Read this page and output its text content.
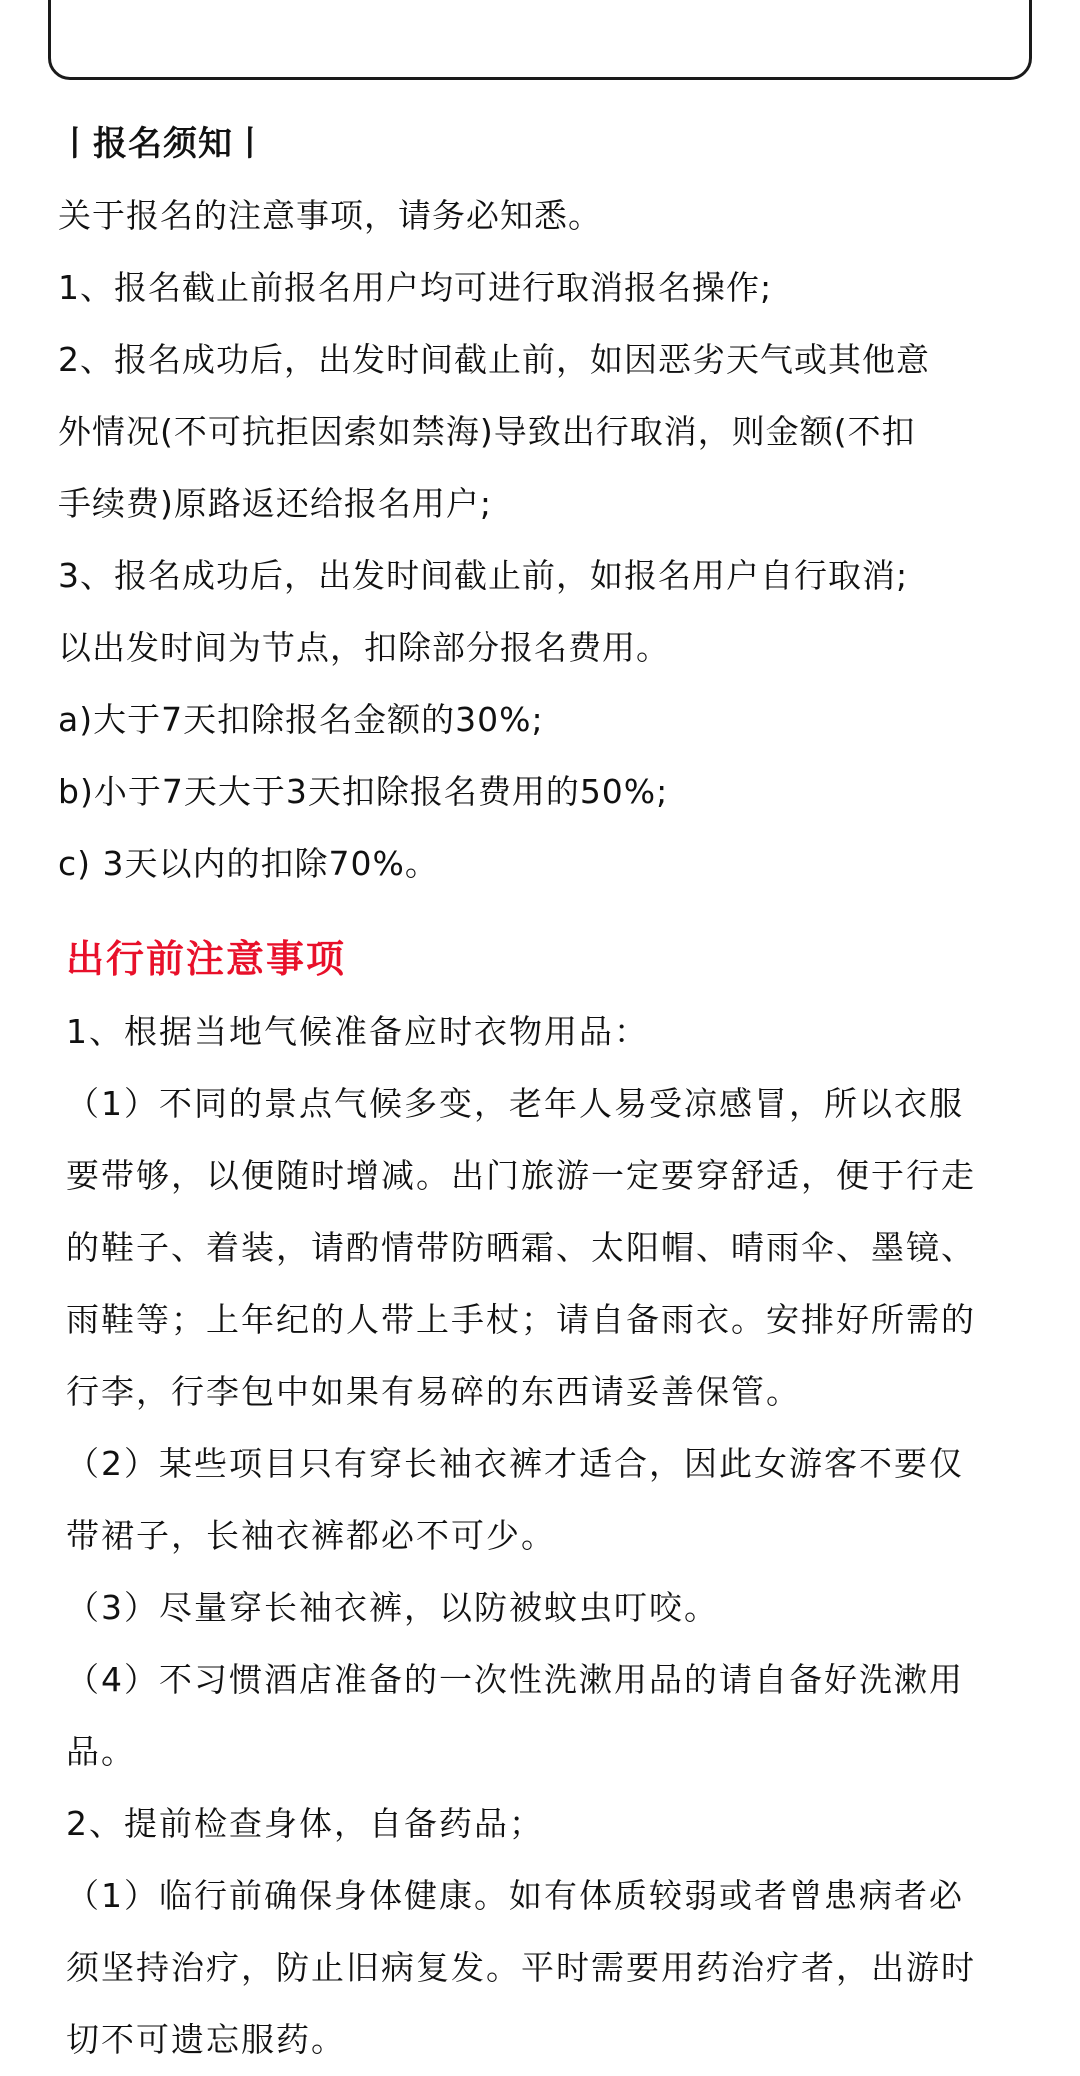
丨报名须知丨
关于报名的注意事项，请务必知悉。
1、报名截止前报名用户均可进行取消报名操作;
2、报名成功后，出发时间截止前，如因恶劣天气或其他意
外情况(不可抗拒因索如禁海)导致出行取消，则金额(不扣
手续费)原路返还给报名用户;
3、报名成功后，出发时间截止前，如报名用户自行取消;
以出发时间为节点，扣除部分报名费用。
a)大于7天扣除报名金额的30%;
b)小于7天大于3天扣除报名费用的50%;
c) 3天以内的扣除70%。
出行前注意事项
1、根据当地气候准备应时衣物用品：
（1）不同的景点气候多变，老年人易受凉感冒，所以衣服
要带够，以便随时增减。出门旅游一定要穿舒适，便于行走
的鞋子、着装，请酌情带防晒霜、太阳帽、晴雨伞、墨镜、
雨鞋等；上年纪的人带上手杖；请自备雨衣。安排好所需的
行李，行李包中如果有易碎的东西请妥善保管。
（2）某些项目只有穿长袖衣裤才适合，因此女游客不要仅
带裙子，长袖衣裤都必不可少。
（3）尽量穿长袖衣裤，以防被蚊虫叮咬。
（4）不习惯酒店准备的一次性洗漱用品的请自备好洗漱用
品。
2、提前检查身体，自备药品；
（1）临行前确保身体健康。如有体质较弱或者曾患病者必
须坚持治疗，防止旧病复发。平时需要用药治疗者，出游时
切不可遗忘服药。
